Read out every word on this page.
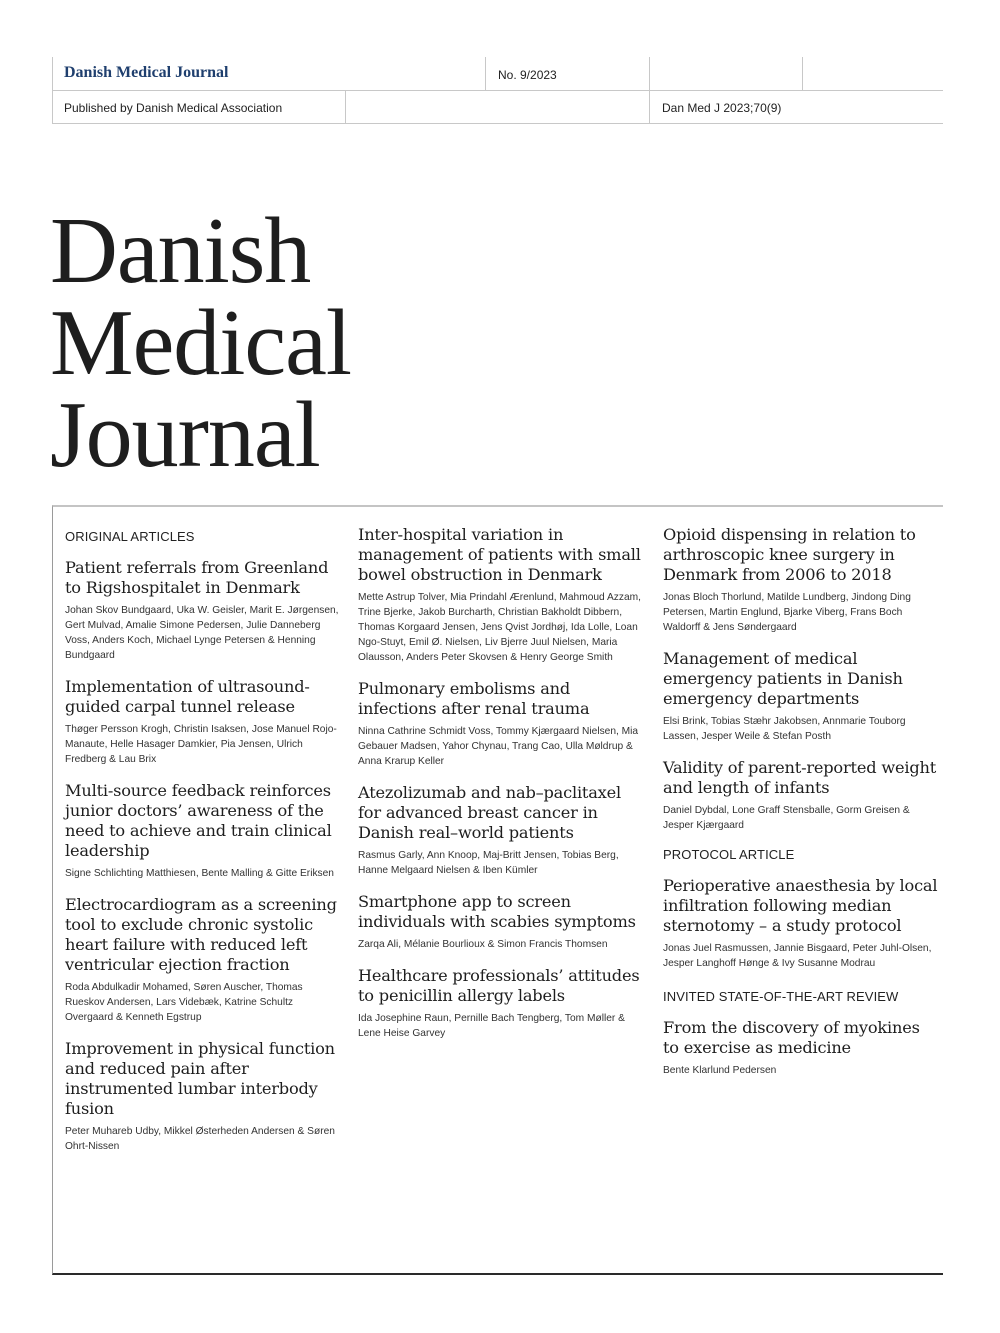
Danish Medical Journal	No. 9/2023
Published by Danish Medical Association	Dan Med J 2023;70(9)
Danish
Medical
Journal
ORIGINAL ARTICLES
Patient referrals from Greenland to Rigshospitalet in Denmark
Johan Skov Bundgaard, Uka W. Geisler, Marit E. Jørgensen, Gert Mulvad, Amalie Simone Pedersen, Julie Danneberg Voss, Anders Koch, Michael Lynge Petersen & Henning Bundgaard
Implementation of ultrasound-guided carpal tunnel release
Thøger Persson Krogh, Christin Isaksen, Jose Manuel Rojo-Manaute, Helle Hasager Damkier, Pia Jensen, Ulrich Fredberg & Lau Brix
Multi-source feedback reinforces junior doctors’ awareness of the need to achieve and train clinical leadership
Signe Schlichting Matthiesen, Bente Malling & Gitte Eriksen
Electrocardiogram as a screening tool to exclude chronic systolic heart failure with reduced left ventricular ejection fraction
Roda Abdulkadir Mohamed, Søren Auscher, Thomas Rueskov Andersen, Lars Videbæk, Katrine Schultz Overgaard & Kenneth Egstrup
Improvement in physical function and reduced pain after instrumented lumbar interbody fusion
Peter Muhareb Udby, Mikkel Østerheden Andersen & Søren Ohrt-Nissen
Inter-hospital variation in management of patients with small bowel obstruction in Denmark
Mette Astrup Tolver, Mia Prindahl Ærenlund, Mahmoud Azzam, Trine Bjerke, Jakob Burcharth, Christian Bakholdt Dibbern, Thomas Korgaard Jensen, Jens Qvist Jordhøj, Ida Lolle, Loan Ngo-Stuyt, Emil Ø. Nielsen, Liv Bjerre Juul Nielsen, Maria Olausson, Anders Peter Skovsen & Henry George Smith
Pulmonary embolisms and infections after renal trauma
Ninna Cathrine Schmidt Voss, Tommy Kjærgaard Nielsen, Mia Gebauer Madsen, Yahor Chynau, Trang Cao, Ulla Møldrup & Anna Krarup Keller
Atezolizumab and nab–paclitaxel for advanced breast cancer in Danish real–world patients
Rasmus Garly, Ann Knoop, Maj-Britt Jensen, Tobias Berg, Hanne Melgaard Nielsen & Iben Kümler
Smartphone app to screen individuals with scabies symptoms
Zarqa Ali, Mélanie Bourlioux & Simon Francis Thomsen
Healthcare professionals’ attitudes to penicillin allergy labels
Ida Josephine Raun, Pernille Bach Tengberg, Tom Møller & Lene Heise Garvey
Opioid dispensing in relation to arthroscopic knee surgery in Denmark from 2006 to 2018
Jonas Bloch Thorlund, Matilde Lundberg, Jindong Ding Petersen, Martin Englund, Bjarke Viberg, Frans Boch Waldorff & Jens Søndergaard
Management of medical emergency patients in Danish emergency departments
Elsi Brink, Tobias Stæhr Jakobsen, Annmarie Touborg Lassen, Jesper Weile & Stefan Posth
Validity of parent-reported weight and length of infants
Daniel Dybdal, Lone Graff Stensballe, Gorm Greisen & Jesper Kjærgaard
PROTOCOL ARTICLE
Perioperative anaesthesia by local infiltration following median sternotomy – a study protocol
Jonas Juel Rasmussen, Jannie Bisgaard, Peter Juhl-Olsen, Jesper Langhoff Hønge & Ivy Susanne Modrau
INVITED STATE-OF-THE-ART REVIEW
From the discovery of myokines to exercise as medicine
Bente Klarlund Pedersen
